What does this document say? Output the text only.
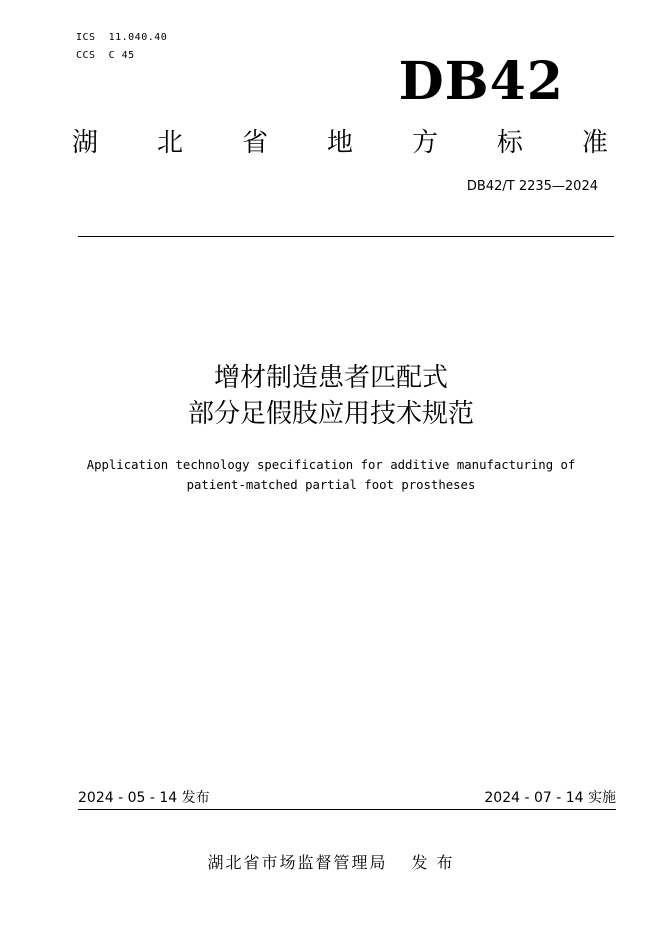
ICS  11.040.40
CCS  C 45	DB42
湖 北 省 地 方 标 准
DB42/T 2235—2024
增材制造患者匹配式
部分足假肢应用技术规范
Application technology specification for additive manufacturing of
patient-matched partial foot prostheses
2024 - 05 - 14 发布	2024 - 07 - 14 实施
湖北省市场监督管理局 发 布
